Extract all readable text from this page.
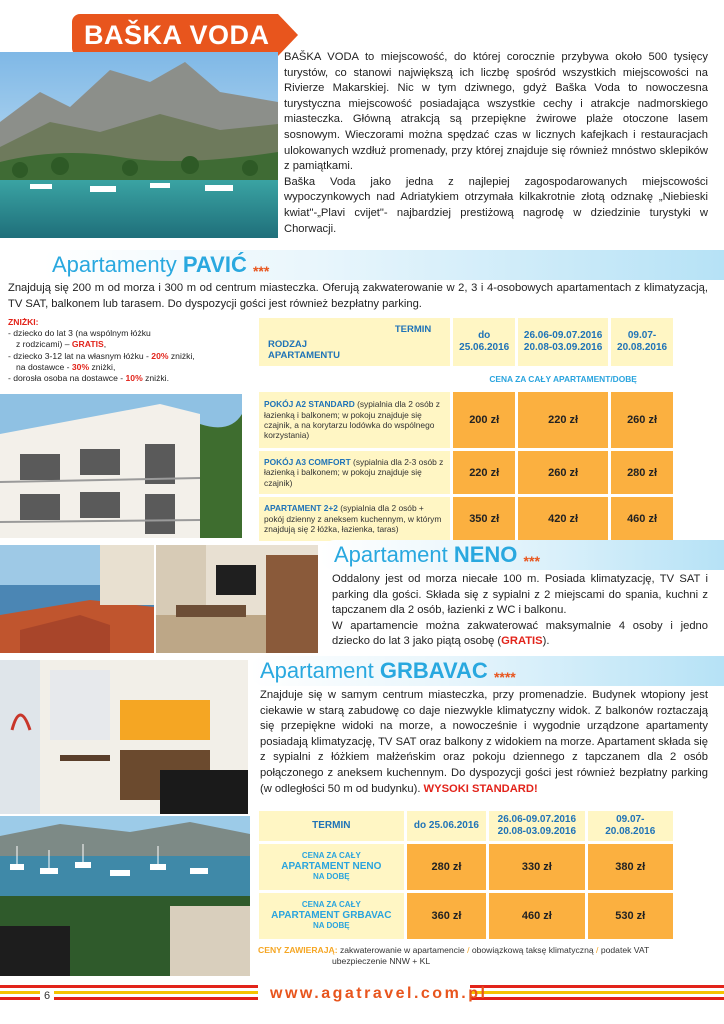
BAŠKA VODA

BAŠKA VODA to miejscowość, do której corocznie przybywa około 500 tysięcy turystów, co stanowi największą ich liczbę spośród wszystkich miejscowości na Rivierze Makarskiej. Nic w tym dziwnego, gdyż Baška Voda to nowoczesna turystyczna miejscowość posiadająca wszystkie cechy i atrakcje nadmorskiego miasteczka. Główną atrakcją są przepiękne żwirowe plaże otoczone lasem sosnowym. Wieczorami można spędzać czas w licznych kafejkach i restauracjach ulokowanych wzdłuż promenady, przy której znajduje się również mnóstwo sklepików z pamiątkami.

Baška Voda jako jedna z najlepiej zagospodarowanych miejscowości wypoczynkowych nad Adriatykiem otrzymała kilkakrotnie złotą odznakę „Niebieski kwiat"-„Plavi cvijet"- najbardziej prestiżową nagrodę w dziedzinie turystyki w Chorwacji.

Apartamenty PAVIĆ ***
Znajdują się 200 m od morza i 300 m od centrum miasteczka. Oferują zakwaterowanie w 2, 3 i 4-osobowych apartamentach z klimatyzacją, TV SAT, balkonem lub tarasem. Do dyspozycji gości jest również bezpłatny parking.
ZNIŻKI:
- dziecko do lat 3 (na wspólnym łóżku
z rodzicami) – GRATIS,
- dziecko 3-12 lat na własnym łóżku - 20% zniżki,
na dostawce - 30% zniżki,
- dorosła osoba na dostawce - 10% zniżki.
TERMIN
RODZAJ APARTAMENTU	do 25.06.2016	26.06-09.07.2016 20.08-03.09.2016	09.07-20.08.2016
	CENA ZA CAŁY APARTAMENT/DOBĘ		
POKÓJ A2 STANDARD (sypialnia dla 2 osób z łazienką i balkonem; w pokoju znajduje się czajnik, a na korytarzu lodówka do wspólnego korzystania)	200 zł	220 zł	260 zł
POKÓJ A3 COMFORT (sypialnia dla 2-3 osób z łazienką i balkonem; w pokoju znajduje się czajnik)	220 zł	260 zł	280 zł
APARTAMENT 2+2 (sypialnia dla 2 osób + pokój dzienny z aneksem kuchennym, w którym znajdują się 2 łóżka, łazienka, taras)	350 zł	420 zł	460 zł
Apartament NENO ***

Oddalony jest od morza niecałe 100 m. Posiada klimatyzację, TV SAT i parking dla gości. Składa się z sypialni z 2 miejscami do spania, kuchni z tapczanem dla 2 osób, łazienki z WC i balkonu.

W apartamencie można zakwaterować maksymalnie 4 osoby i jedno dziecko do lat 3 jako piątą osobę (GRATIS).

Apartament GRBAVAC ****
Znajduje się w samym centrum miasteczka, przy promenadzie. Budynek wtopiony jest ciekawie w starą zabudowę co daje niezwykle klimatyczny widok. Z balkonów roztaczają się przepiękne widoki na morze, a nowocześnie i wygodnie urządzone apartamenty posiadają klimatyzację, TV SAT oraz balkony z widokiem na morze. Apartament składa się z sypialni z łóżkiem małżeńskim oraz pokoju dziennego z tapczanem dla 2 osób połączonego z aneksem kuchennym. Do dyspozycji gości jest również bezpłatny parking (w odległości 50 m od budynku). WYSOKI STANDARD!
TERMIN	do 25.06.2016	26.06-09.07.2016 20.08-03.09.2016	09.07-20.08.2016

CENA ZA CAŁY
APARTAMENT NENO
NA DOBĘ	280 zł	330 zł	380 zł

CENA ZA CAŁY
APARTAMENT GRBAVAC
NA DOBĘ	360 zł	460 zł	530 zł
CENY ZAWIERAJĄ: zakwaterowanie w apartamencie / obowiązkową taksę klimatyczną / podatek VAT
ubezpieczenie NNW + KL
6	www.agatravel.com.pl
